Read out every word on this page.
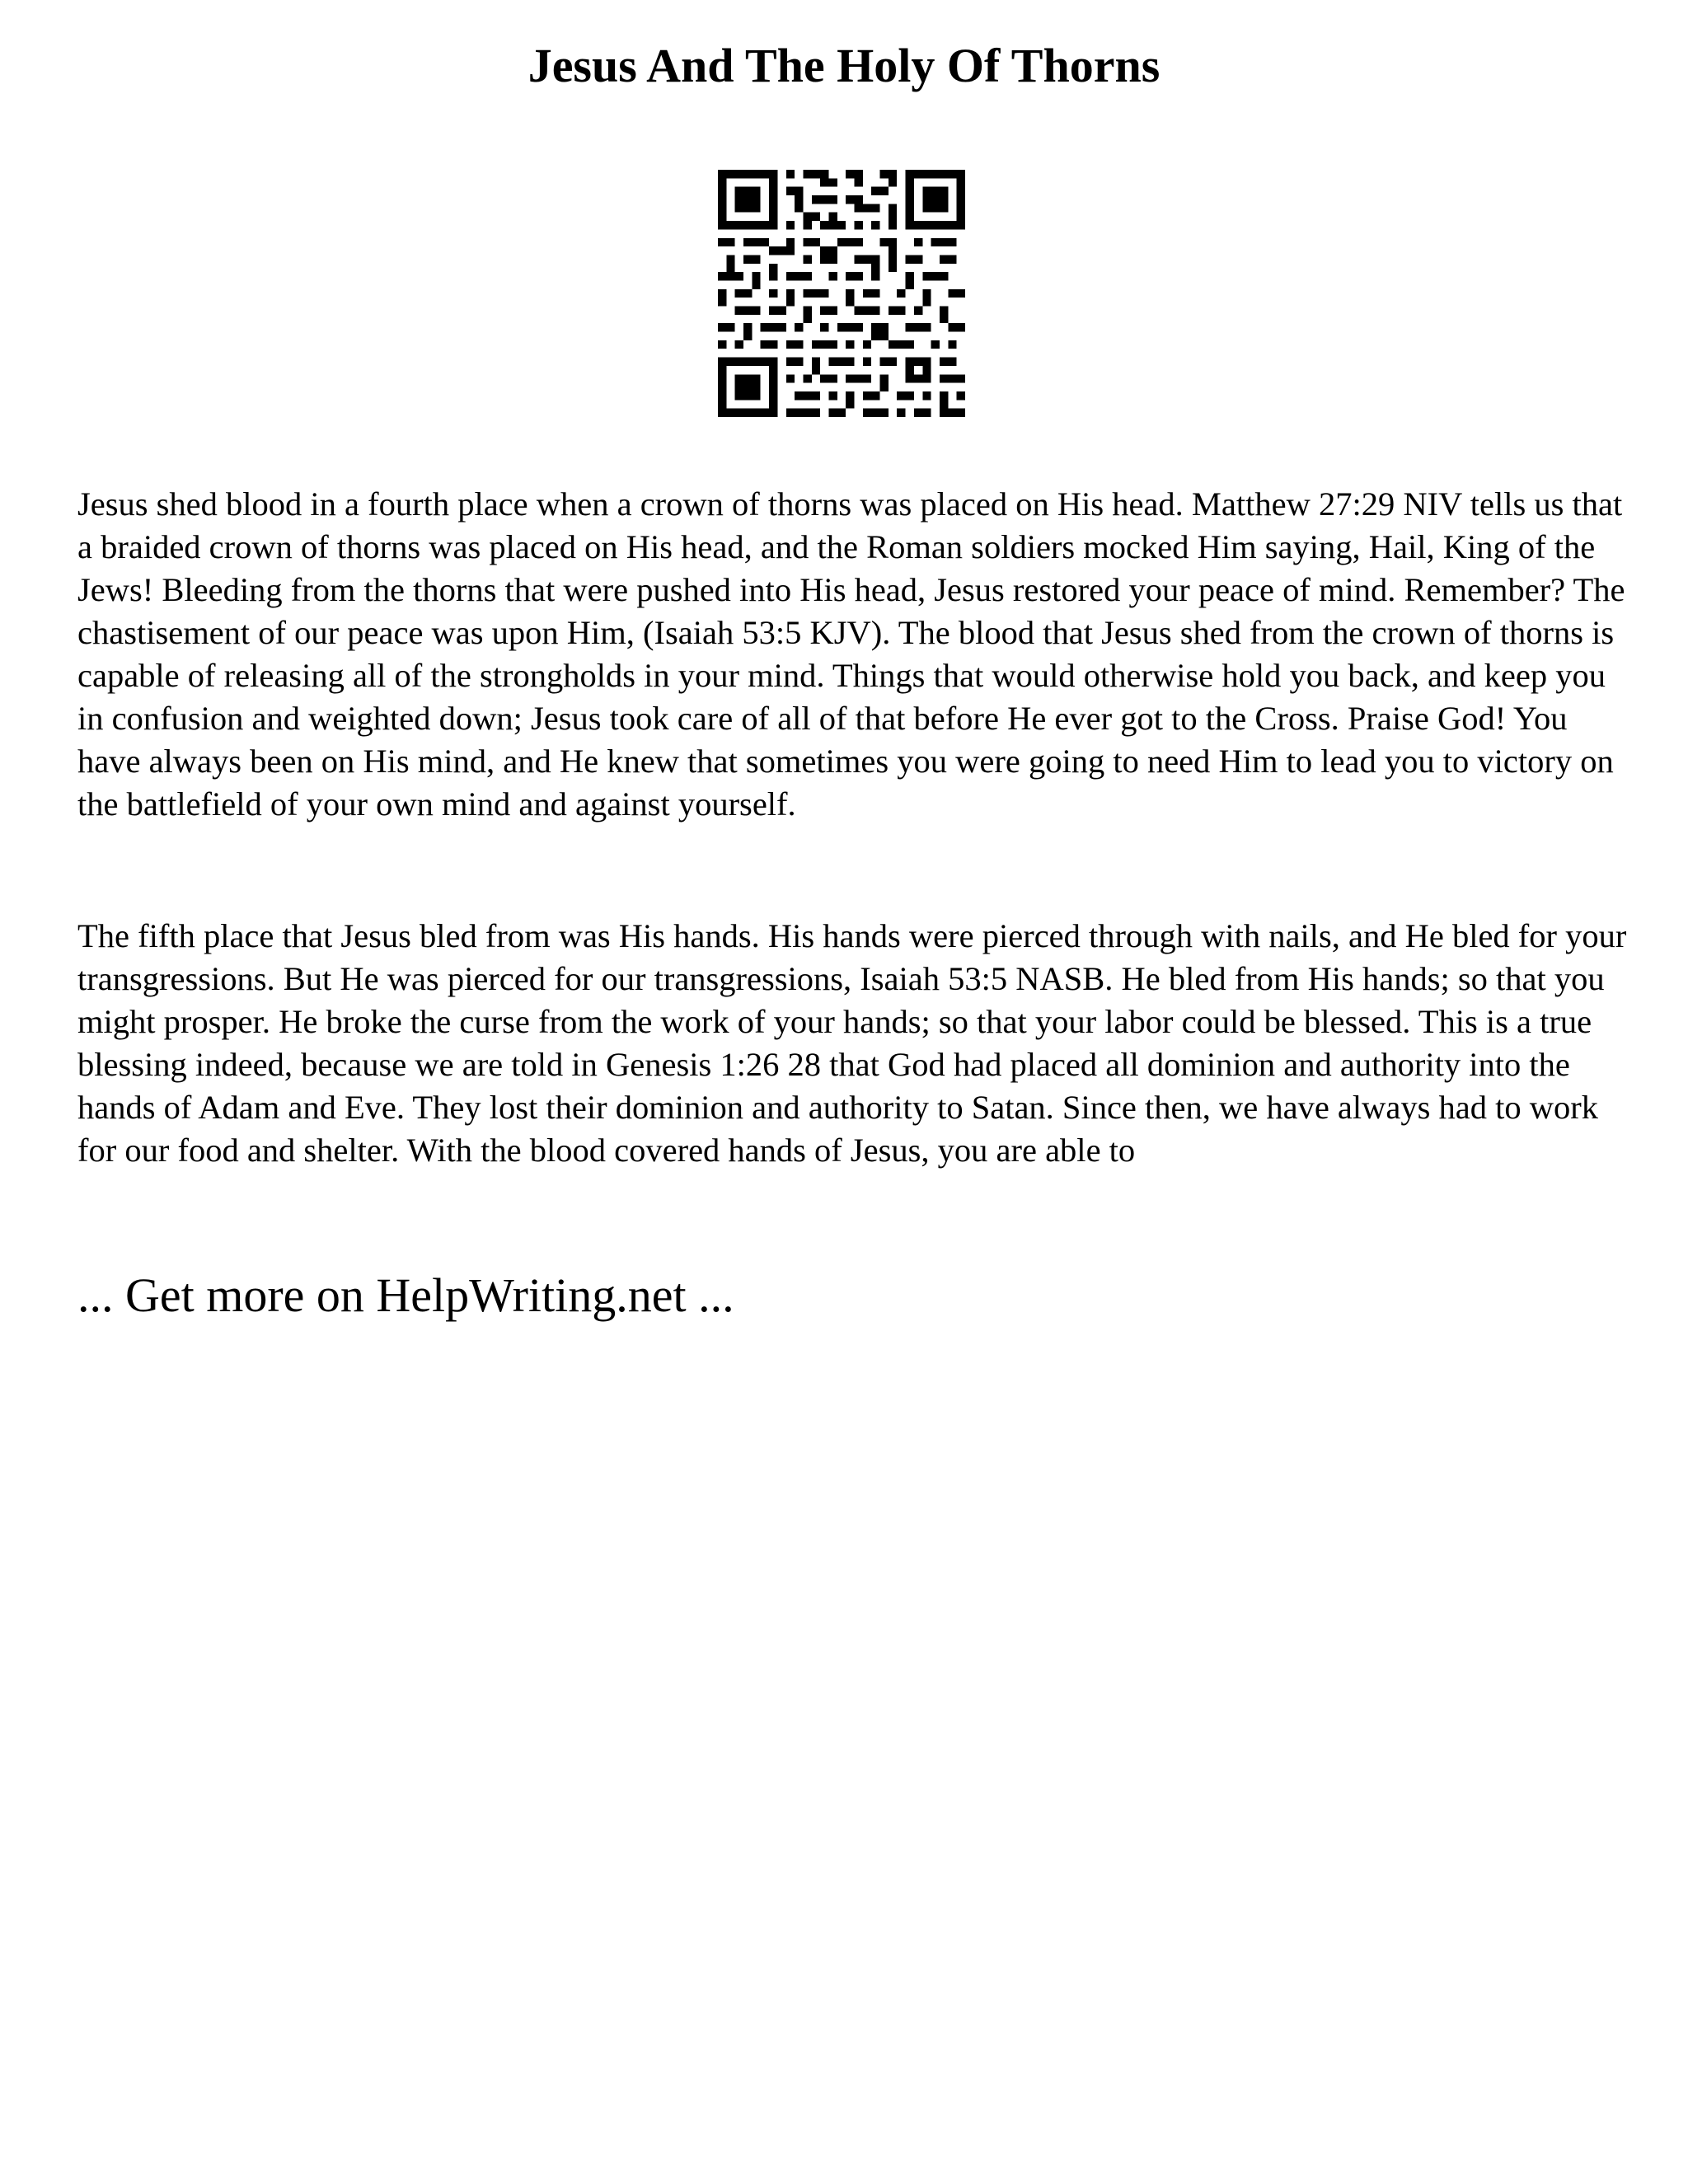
Jesus And The Holy Of Thorns

Jesus shed blood in a fourth place when a crown of thorns was placed on His head. Matthew 27:29 NIV tells us that a braided crown of thorns was placed on His head, and the Roman soldiers mocked Him saying, Hail, King of the Jews! Bleeding from the thorns that were pushed into His head, Jesus restored your peace of mind. Remember? The chastisement of our peace was upon Him, (Isaiah 53:5 KJV). The blood that Jesus shed from the crown of thorns is capable of releasing all of the strongholds in your mind. Things that would otherwise hold you back, and keep you in confusion and weighted down; Jesus took care of all of that before He ever got to the Cross. Praise God! You have always been on His mind, and He knew that sometimes you were going to need Him to lead you to victory on the battlefield of your own mind and against yourself.

The fifth place that Jesus bled from was His hands. His hands were pierced through with nails, and He bled for your transgressions. But He was pierced for our transgressions, Isaiah 53:5 NASB. He bled from His hands; so that you might prosper. He broke the curse from the work of your hands; so that your labor could be blessed. This is a true blessing indeed, because we are told in Genesis 1:26 28 that God had placed all dominion and authority into the hands of Adam and Eve. They lost their dominion and authority to Satan. Since then, we have always had to work for our food and shelter. With the blood covered hands of Jesus, you are able to

... Get more on HelpWriting.net ...
